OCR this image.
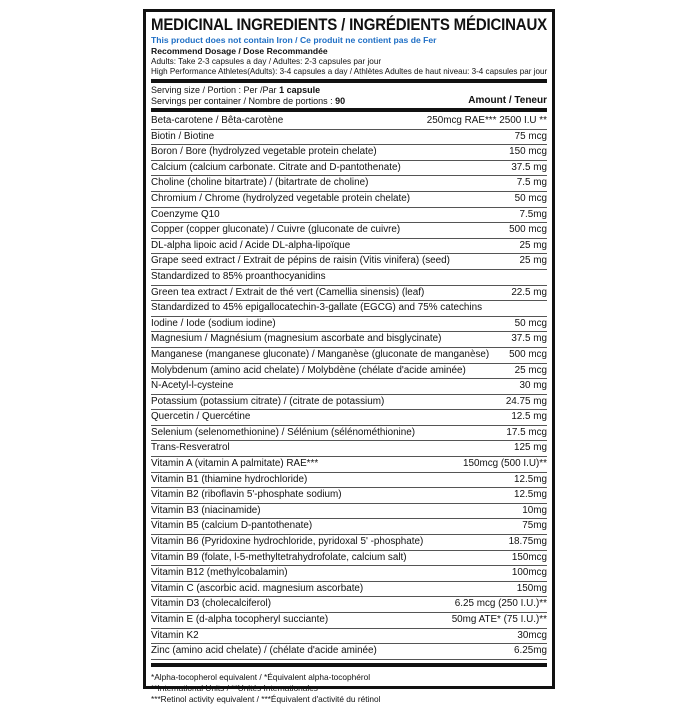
MEDICINAL INGREDIENTS / INGRÉDIENTS MÉDICINAUX
This product does not contain Iron / Ce produit ne contient pas de Fer
Recommend Dosage / Dose Recommandée
Adults: Take 2-3 capsules a day / Adultes: 2-3 capsules par jour
High Performance Athletes(Adults): 3-4 capsules a day / Athlètes Adultes de haut niveau: 3-4 capsules par jour
Serving size / Portion : Per /Par 1 capsule
Servings per container / Nombre de portions : 90	Amount / Teneur
Beta-carotene / Bêta-carotène	250mcg RAE*** 2500 I.U **
Biotin / Biotine	75 mcg
Boron / Bore (hydrolyzed vegetable protein chelate)	150 mcg
Calcium (calcium carbonate. Citrate and D-pantothenate)	37.5 mg
Choline (choline bitartrate) / (bitartrate de choline)	7.5 mg
Chromium / Chrome (hydrolyzed vegetable protein chelate)	50 mcg
Coenzyme Q10	7.5mg
Copper (copper gluconate) / Cuivre (gluconate de cuivre)	500 mcg
DL-alpha lipoic acid / Acide DL-alpha-lipoïque	25 mg
Grape seed extract / Extrait de pépins de raisin (Vitis vinifera) (seed)	25 mg
Standardized to 85% proanthocyanidins
Green tea extract / Extrait de thé vert (Camellia sinensis) (leaf)	22.5 mg
Standardized to 45% epigallocatechin-3-gallate (EGCG) and 75% catechins
Iodine / Iode (sodium iodine)	50 mcg
Magnesium / Magnésium (magnesium ascorbate and bisglycinate)	37.5 mg
Manganese (manganese gluconate) / Manganèse (gluconate de manganèse)	500 mcg
Molybdenum (amino acid chelate) / Molybdène (chélate d'acide aminée)	25 mcg
N-Acetyl-l-cysteine	30 mg
Potassium (potassium citrate) / (citrate de potassium)	24.75 mg
Quercetin / Quercétine	12.5 mg
Selenium (selenomethionine) / Sélénium (sélénométhionine)	17.5 mcg
Trans-Resveratrol	125 mg
Vitamin A (vitamin A palmitate) RAE***	150mcg (500 I.U)**
Vitamin B1 (thiamine hydrochloride)	12.5mg
Vitamin B2 (riboflavin 5'-phosphate sodium)	12.5mg
Vitamin B3 (niacinamide)	10mg
Vitamin B5 (calcium D-pantothenate)	75mg
Vitamin B6 (Pyridoxine hydrochloride, pyridoxal 5' -phosphate)	18.75mg
Vitamin B9 (folate, l-5-methyltetrahydrofolate, calcium salt)	150mcg
Vitamin B12 (methylcobalamin)	100mcg
Vitamin C (ascorbic acid. magnesium ascorbate)	150mg
Vitamin D3 (cholecalciferol)	6.25 mcg (250 I.U.)**
Vitamin E (d-alpha tocopheryl succiante)	50mg ATE* (75 I.U.)**
Vitamin K2	30mcg
Zinc (amino acid chelate) / (chélate d'acide aminée)	6.25mg
*Alpha-tocopherol equivalent / *Équivalent alpha-tocophérol
**International Units / **Unités Internationales
***Retinol activity equivalent / ***Équivalent d'activité du rétinol
